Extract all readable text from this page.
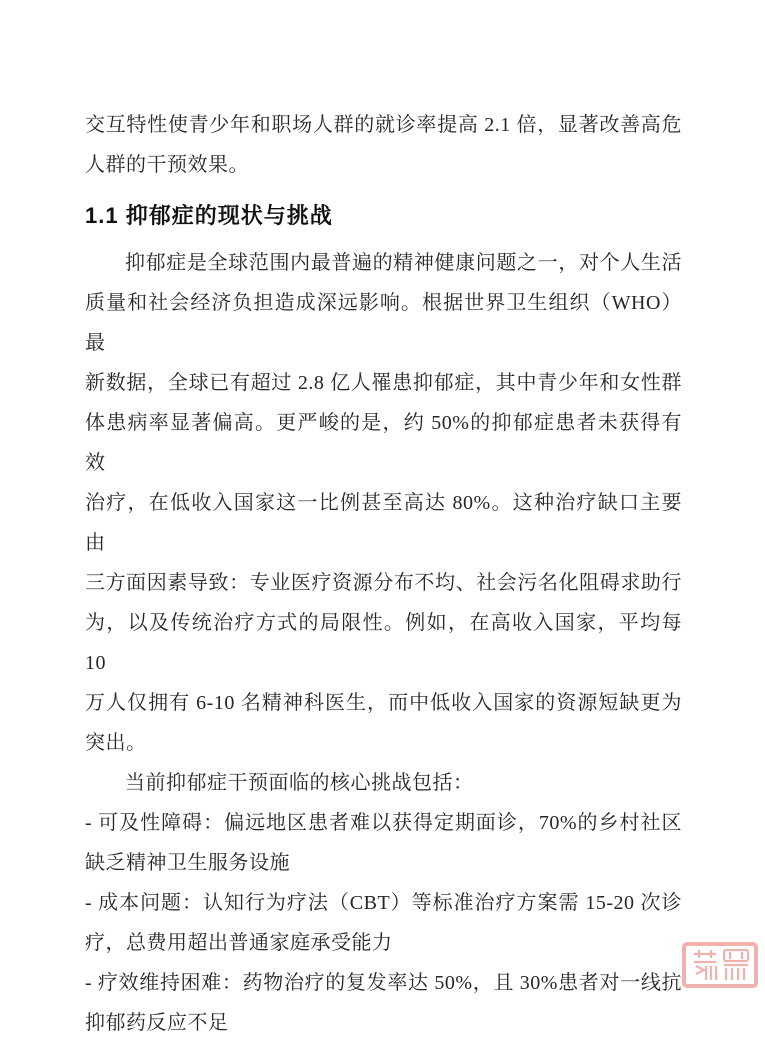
交互特性使青少年和职场人群的就诊率提高 2.1 倍，显著改善高危

人群的干预效果。

1.1 抑郁症的现状与挑战

抑郁症是全球范围内最普遍的精神健康问题之一，对个人生活

质量和社会经济负担造成深远影响。根据世界卫生组织（WHO）最

新数据，全球已有超过 2.8 亿人罹患抑郁症，其中青少年和女性群

体患病率显著偏高。更严峻的是，约 50%的抑郁症患者未获得有效

治疗，在低收入国家这一比例甚至高达 80%。这种治疗缺口主要由

三方面因素导致：专业医疗资源分布不均、社会污名化阻碍求助行

为，以及传统治疗方式的局限性。例如，在高收入国家，平均每 10

万人仅拥有 6-10 名精神科医生，而中低收入国家的资源短缺更为

突出。

当前抑郁症干预面临的核心挑战包括：

- 可及性障碍：偏远地区患者难以获得定期面诊，70%的乡村社区

缺乏精神卫生服务设施

- 成本问题：认知行为疗法（CBT）等标准治疗方案需 15-20 次诊

疗，总费用超出普通家庭承受能力

- 疗效维持困难：药物治疗的复发率达 50%，且 30%患者对一线抗

抑郁药反应不足
